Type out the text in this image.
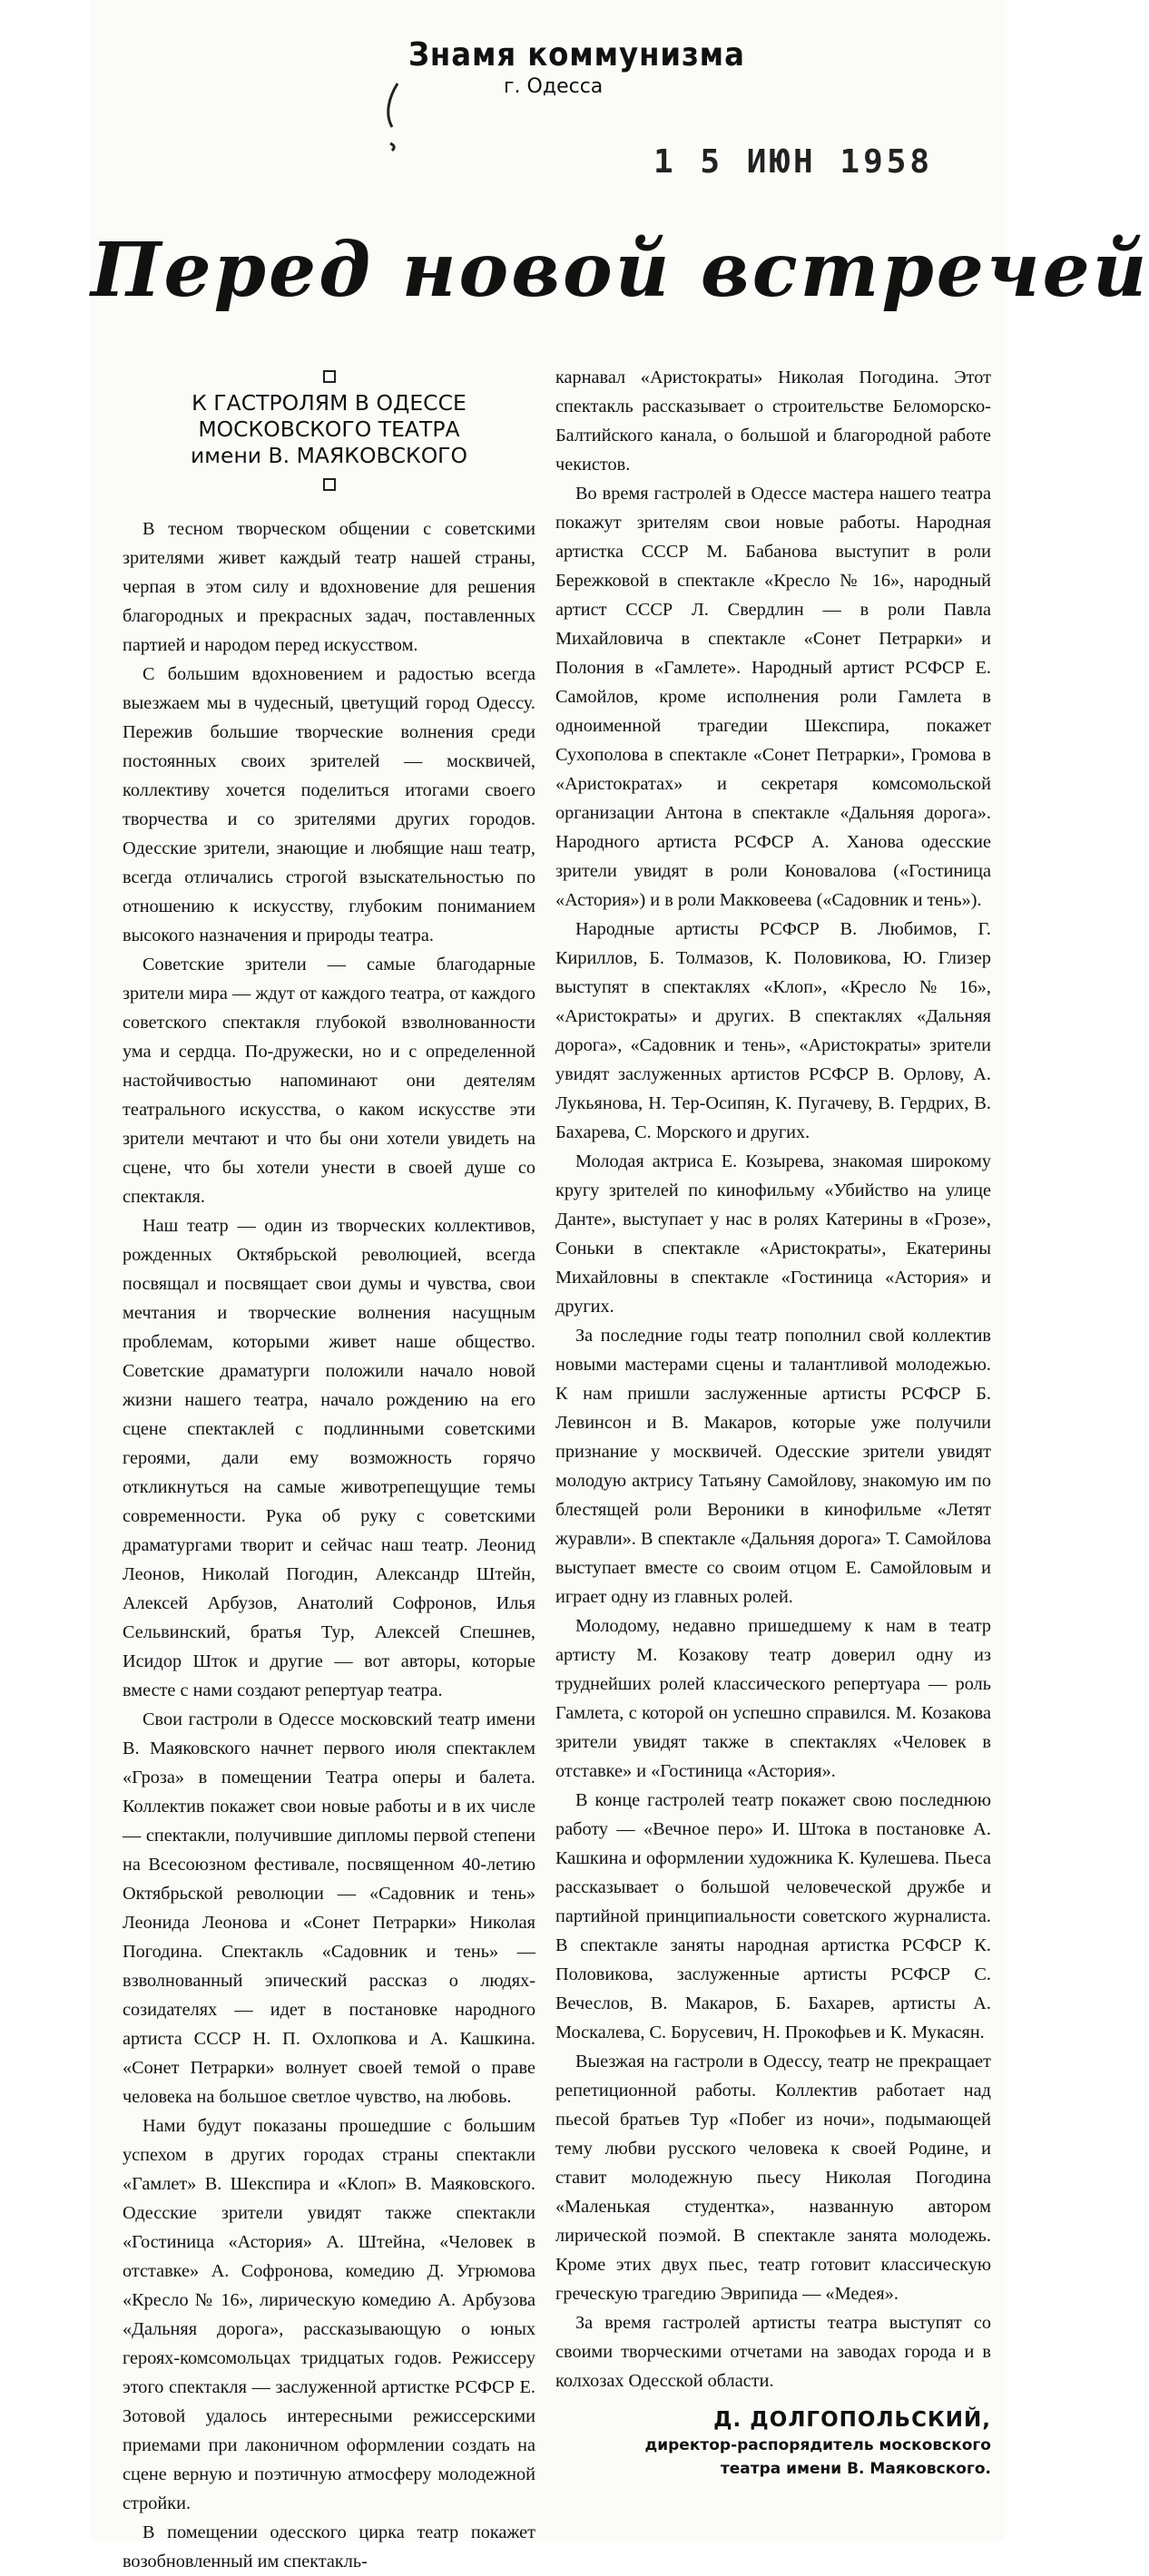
Знамя коммунизма
г. Одесса
1 5 ИЮН 1958
Перед новой встречей
К ГАСТРОЛЯМ В ОДЕССЕ
МОСКОВСКОГО ТЕАТРА
имени В. МАЯКОВСКОГО

В тесном творческом общении с советскими зрителями живет каждый театр нашей страны, черпая в этом силу и вдохновение для решения благородных и прекрасных задач, поставленных партией и народом перед искусством.

С большим вдохновением и радостью всегда выезжаем мы в чудесный, цветущий город Одессу. Пережив большие творческие волнения среди постоянных своих зрителей — москвичей, коллективу хочется поделиться итогами своего творчества и со зрителями других городов. Одесские зрители, знающие и любящие наш театр, всегда отличались строгой взыскательностью по отношению к искусству, глубоким пониманием высокого назначения и природы театра.

Советские зрители — самые благодарные зрители мира — ждут от каждого театра, от каждого советского спектакля глубокой взволнованности ума и сердца. По-дружески, но и с определенной настойчивостью напоминают они деятелям театрального искусства, о каком искусстве эти зрители мечтают и что бы они хотели увидеть на сцене, что бы хотели унести в своей душе со спектакля.

Наш театр — один из творческих коллективов, рожденных Октябрьской революцией, всегда посвящал и посвящает свои думы и чувства, свои мечтания и творческие волнения насущным проблемам, которыми живет наше общество. Советские драматурги положили начало новой жизни нашего театра, начало рождению на его сцене спектаклей с подлинными советскими героями, дали ему возможность горячо откликнуться на самые животрепещущие темы современности. Рука об руку с советскими драматургами творит и сейчас наш театр. Леонид Леонов, Николай Погодин, Александр Штейн, Алексей Арбузов, Анатолий Софронов, Илья Сельвинский, братья Тур, Алексей Спешнев, Исидор Шток и другие — вот авторы, которые вместе с нами создают репертуар театра.

Свои гастроли в Одессе московский театр имени В. Маяковского начнет первого июля спектаклем «Гроза» в помещении Театра оперы и балета. Коллектив покажет свои новые работы и в их числе — спектакли, получившие дипломы первой степени на Всесоюзном фестивале, посвященном 40-летию Октябрьской революции — «Садовник и тень» Леонида Леонова и «Сонет Петрарки» Николая Погодина. Спектакль «Садовник и тень» — взволнованный эпический рассказ о людях-созидателях — идет в постановке народного артиста СССР Н. П. Охлопкова и А. Кашкина. «Сонет Петрарки» волнует своей темой о праве человека на большое светлое чувство, на любовь.

Нами будут показаны прошедшие с большим успехом в других городах страны спектакли «Гамлет» В. Шекспира и «Клоп» В. Маяковского. Одесские зрители увидят также спектакли «Гостиница «Астория» А. Штейна, «Человек в отставке» А. Софронова, комедию Д. Угрюмова «Кресло № 16», лирическую комедию А. Арбузова «Дальняя дорога», рассказывающую о юных героях-комсомольцах тридцатых годов. Режиссеру этого спектакля — заслуженной артистке РСФСР Е. Зотовой удалось интересными режиссерскими приемами при лаконичном оформлении создать на сцене верную и поэтичную атмосферу молодежной стройки.

В помещении одесского цирка театр покажет возобновленный им спектакль-

карнавал «Аристократы» Николая Погодина. Этот спектакль рассказывает о строительстве Беломорско-Балтийского канала, о большой и благородной работе чекистов.

Во время гастролей в Одессе мастера нашего театра покажут зрителям свои новые работы. Народная артистка СССР М. Бабанова выступит в роли Бережковой в спектакле «Кресло № 16», народный артист СССР Л. Свердлин — в роли Павла Михайловича в спектакле «Сонет Петрарки» и Полония в «Гамлете». Народный артист РСФСР Е. Самойлов, кроме исполнения роли Гамлета в одноименной трагедии Шекспира, покажет Сухополова в спектакле «Сонет Петрарки», Громова в «Аристократах» и секретаря комсомольской организации Антона в спектакле «Дальняя дорога». Народного артиста РСФСР А. Ханова одесские зрители увидят в роли Коноваловa («Гостиница «Астория») и в роли Макковеева («Садовник и тень»).

Народные артисты РСФСР В. Любимов, Г. Кириллов, Б. Толмазов, К. Половикова, Ю. Глизер выступят в спектаклях «Клоп», «Кресло № 16», «Аристократы» и других. В спектаклях «Дальняя дорога», «Садовник и тень», «Аристократы» зрители увидят заслуженных артистов РСФСР В. Орлову, А. Лукьянова, Н. Тер-Осипян, К. Пугачеву, В. Гердрих, В. Бахарева, С. Морского и других.

Молодая актриса Е. Козырева, знакомая широкому кругу зрителей по кинофильму «Убийство на улице Данте», выступает у нас в ролях Катерины в «Грозе», Соньки в спектакле «Аристократы», Екатерины Михайловны в спектакле «Гостиница «Астория» и других.

За последние годы театр пополнил свой коллектив новыми мастерами сцены и талантливой молодежью. К нам пришли заслуженные артисты РСФСР Б. Левинсон и В. Макаров, которые уже получили признание у москвичей. Одесские зрители увидят молодую актрису Татьяну Самойлову, знакомую им по блестящей роли Вероники в кинофильме «Летят журавли». В спектакле «Дальняя дорога» Т. Самойлова выступает вместе со своим отцом Е. Самойловым и играет одну из главных ролей.

Молодому, недавно пришедшему к нам в театр артисту М. Козакову театр доверил одну из труднейших ролей классического репертуара — роль Гамлета, с которой он успешно справился. М. Козакова зрители увидят также в спектаклях «Человек в отставке» и «Гостиница «Астория».

В конце гастролей театр покажет свою последнюю работу — «Вечное перо» И. Штока в постановке А. Кашкина и оформлении художника К. Кулешева. Пьеса рассказывает о большой человеческой дружбе и партийной принципиальности советского журналиста. В спектакле заняты народная артистка РСФСР К. Половикова, заслуженные артисты РСФСР С. Вечеслов, В. Макаров, Б. Бахарев, артисты А. Москалева, С. Борусевич, Н. Прокофьев и К. Мукасян.

Выезжая на гастроли в Одессу, театр не прекращает репетиционной работы. Коллектив работает над пьесой братьев Тур «Побег из ночи», подымающей тему любви русского человека к своей Родине, и ставит молодежную пьесу Николая Погодина «Маленькая студентка», названную автором лирической поэмой. В спектакле занята молодежь. Кроме этих двух пьес, театр готовит классическую греческую трагедию Эврипида — «Медея».

За время гастролей артисты театра выступят со своими творческими отчетами на заводах города и в колхозах Одесской области.

Д. ДОЛГОПОЛЬСКИЙ,
директор-распорядитель московского
театра имени В. Маяковского.
